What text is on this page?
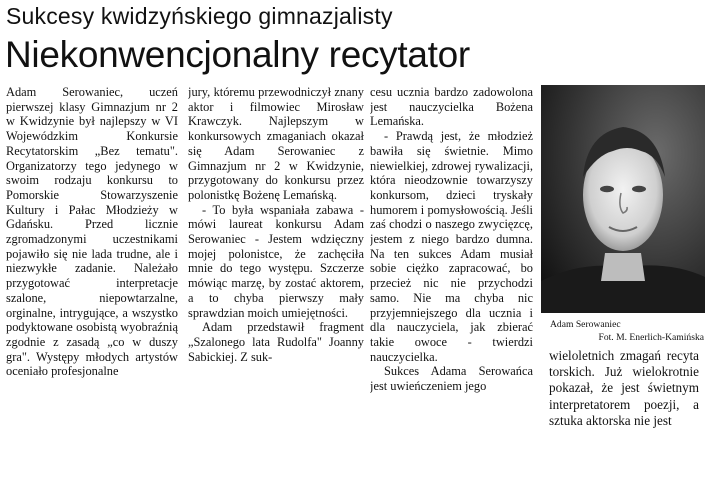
Sukcesy kwidzyńskiego gimnazjalisty
Niekonwencjonalny recytator

Adam Serowaniec, uczeń pierwszej klasy Gimnazjum nr 2 w Kwidzynie był najlepszy w VI Wojewódzkim Konkursie Recytatorskim „Bez tematu". Organizatorzy tego jedynego w swoim rodzaju konkursu to Pomorskie Stowarzyszenie Kultury i Pałac Młodzieży w Gdańsku. Przed licznie zgromadzonymi uczestnikami pojawiło się nie lada trudne, ale i niezwykłe zadanie. Należało przygotować interpretacje szalone, niepowtarzalne, orginalne, intrygujące, a wszystko podyktowane osobistą wyobraźnią zgodnie z zasadą „co w duszy gra". Występy młodych artystów oceniało profesjonalne

jury, któremu przewodniczył znany aktor i filmowiec Mirosław Krawczyk. Najlepszym w konkursowych zmaganiach okazał się Adam Serowaniec z Gimnazjum nr 2 w Kwidzynie, przygotowany do konkursu przez polonistkę Bożenę Lemańską.

- To była wspaniała zabawa - mówi laureat konkursu Adam Serowaniec - Jestem wdzięczny mojej polonistce, że zachęciła mnie do tego występu. Szczerze mówiąc marzę, by zostać aktorem, a to chyba pierwszy mały sprawdzian moich umiejętności.

Adam przedstawił fragment „Szalonego lata Rudolfa" Joanny Sabickiej. Z suk-

cesu ucznia bardzo zadowolona jest nauczycielka Bożena Lemańska.

- Prawdą jest, że młodzież bawiła się świetnie. Mimo niewielkiej, zdrowej rywalizacji, która nieodzownie towarzyszy konkursom, dzieci tryskały humorem i pomysłowością. Jeśli zaś chodzi o naszego zwycięzcę, jestem z niego bardzo dumna. Na ten sukces Adam musiał sobie ciężko zapracować, bo przecież nic nie przychodzi samo. Nie ma chyba nic przyjemniejszego dla ucznia i dla nauczyciela, jak zbierać takie owoce - twierdzi nauczycielka.

Sukces Adama Serowańca jest uwieńczeniem jego

Adam Serowaniec
Fot. M. Enerlich-Kamińska

wieloletnich zmagań recyta torskich. Już wielokrotnie pokazał, że jest świetnym interpretatorem poezji, a sztuka aktorska nie jest
